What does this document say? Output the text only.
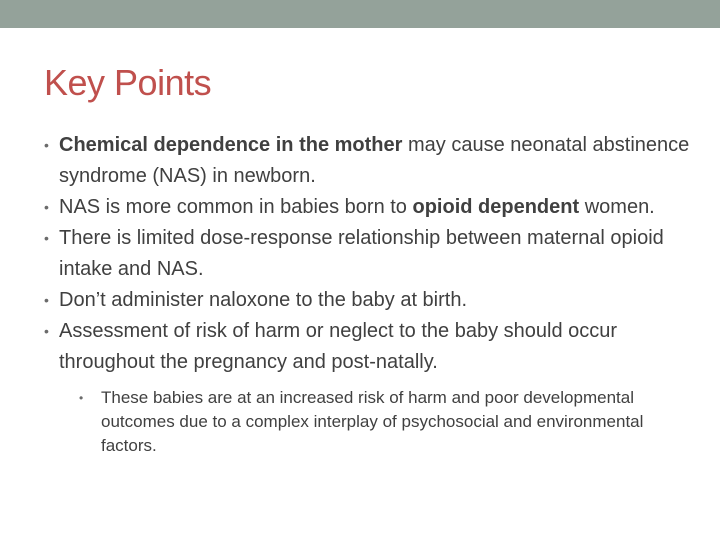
Key Points
• Chemical dependence in the mother may cause neonatal abstinence syndrome (NAS) in newborn.
• NAS is more common in babies born to opioid dependent women.
• There is limited dose-response relationship between maternal opioid intake and NAS.
• Don’t administer naloxone to the baby at birth.
• Assessment of risk of harm or neglect to the baby should occur throughout the pregnancy and post-natally.
• These babies are at an increased risk of harm and poor developmental outcomes due to a complex interplay of psychosocial and environmental factors.
